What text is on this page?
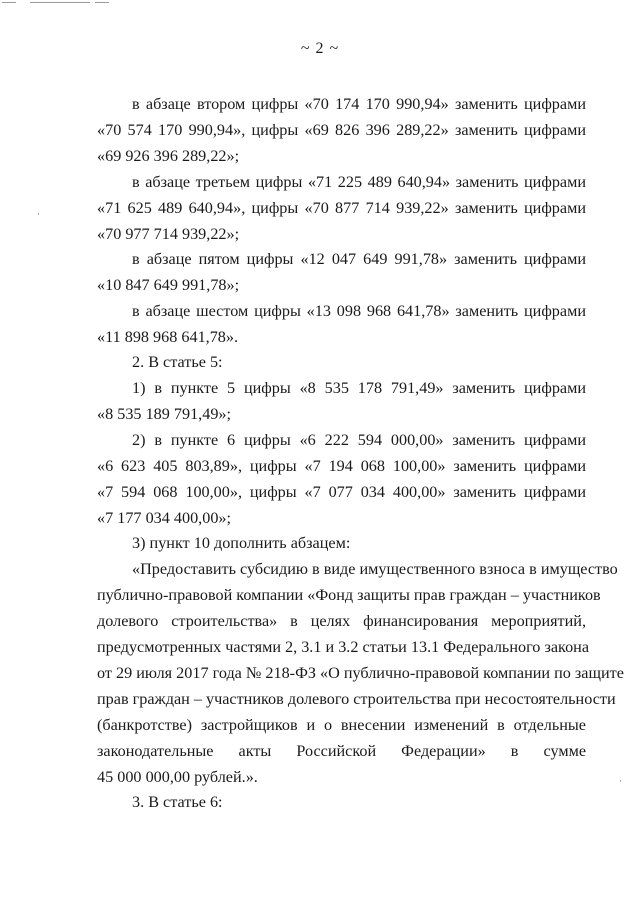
~ 2 ~
в абзаце втором цифры «70 174 170 990,94» заменить цифрами
«70 574 170 990,94», цифры «69 826 396 289,22» заменить цифрами
«69 926 396 289,22»;
в абзаце третьем цифры «71 225 489 640,94» заменить цифрами
«71 625 489 640,94», цифры «70 877 714 939,22» заменить цифрами
«70 977 714 939,22»;
в абзаце пятом цифры «12 047 649 991,78» заменить цифрами
«10 847 649 991,78»;
в абзаце шестом цифры «13 098 968 641,78» заменить цифрами
«11 898 968 641,78».
2. В статье 5:
1) в пункте 5 цифры «8 535 178 791,49» заменить цифрами
«8 535 189 791,49»;
2) в пункте 6 цифры «6 222 594 000,00» заменить цифрами
«6 623 405 803,89», цифры «7 194 068 100,00» заменить цифрами
«7 594 068 100,00», цифры «7 077 034 400,00» заменить цифрами
«7 177 034 400,00»;
3) пункт 10 дополнить абзацем:
«Предоставить субсидию в виде имущественного взноса в имущество
публично-правовой компании «Фонд защиты прав граждан – участников
долевого строительства» в целях финансирования мероприятий,
предусмотренных частями 2, 3.1 и 3.2 статьи 13.1 Федерального закона
от 29 июля 2017 года № 218-ФЗ «О публично-правовой компании по защите
прав граждан – участников долевого строительства при несостоятельности
(банкротстве) застройщиков и о внесении изменений в отдельные
законодательные акты Российской Федерации» в сумме
45 000 000,00 рублей.».
3. В статье 6:
